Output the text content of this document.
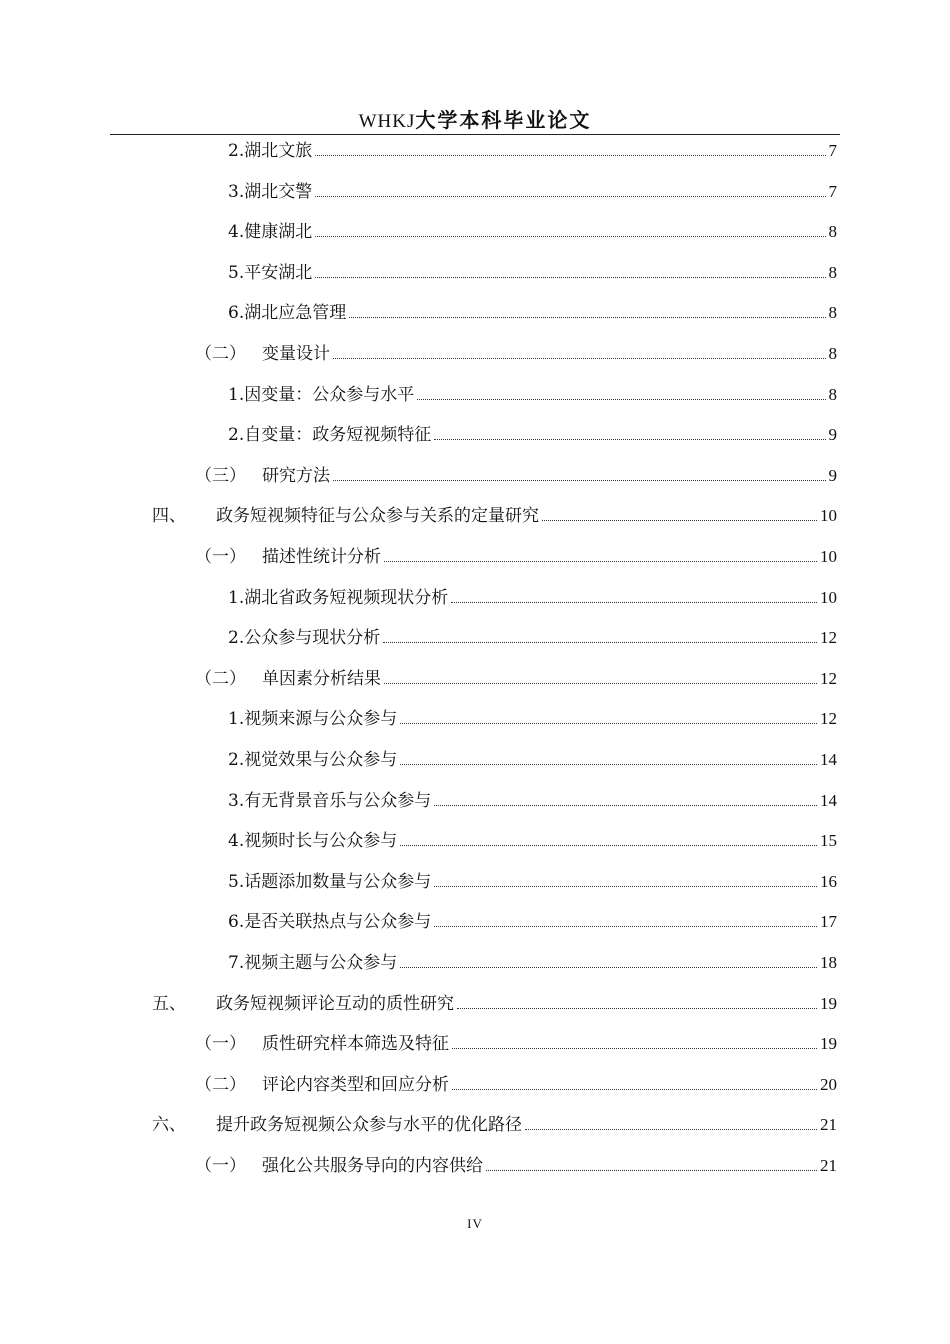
WHKJ大学本科毕业论文
2. 湖北文旅	7
3. 湖北交警	7
4. 健康湖北	8
5. 平安湖北	8
6. 湖北应急管理	8
（二） 变量设计	8
1. 因变量：公众参与水平	8
2. 自变量：政务短视频特征	9
（三） 研究方法	9
四、 政务短视频特征与公众参与关系的定量研究	10
（一） 描述性统计分析	10
1. 湖北省政务短视频现状分析	10
2. 公众参与现状分析	12
（二） 单因素分析结果	12
1. 视频来源与公众参与	12
2. 视觉效果与公众参与	14
3. 有无背景音乐与公众参与	14
4. 视频时长与公众参与	15
5. 话题添加数量与公众参与	16
6. 是否关联热点与公众参与	17
7. 视频主题与公众参与	18
五、 政务短视频评论互动的质性研究	19
（一） 质性研究样本筛选及特征	19
（二） 评论内容类型和回应分析	20
六、 提升政务短视频公众参与水平的优化路径	21
（一） 强化公共服务导向的内容供给	21
IV
